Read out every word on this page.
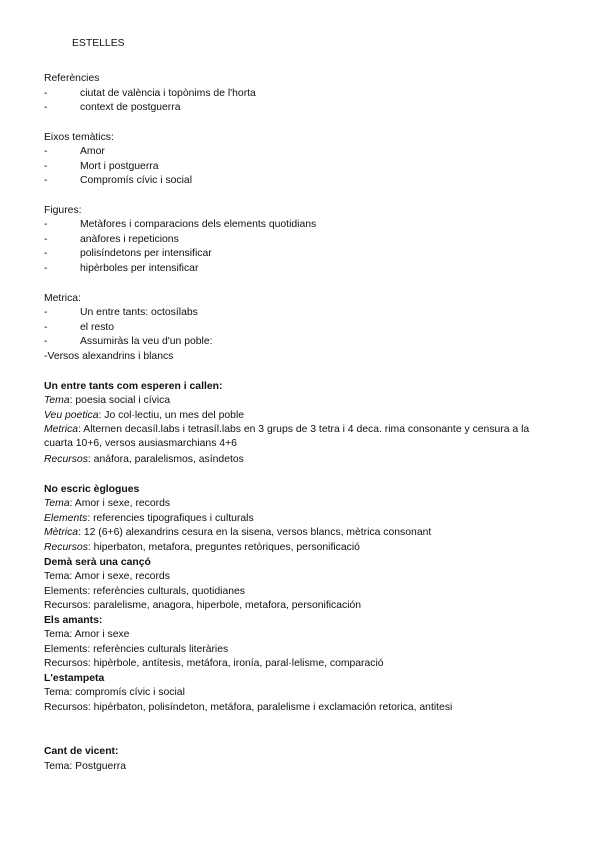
ESTELLES
Referències
-	ciutat de valència i topònims de l'horta
-	context de postguerra
Eixos temàtics:
-	Amor
-	Mort i postguerra
-	Compromís cívic i social
Figures:
-	Metàfores i comparacions dels elements quotidians
-	anàfores i repeticions
-	polisíndetons per intensificar
-	hipèrboles per intensificar
Metrica:
-	Un entre tants: octosílabs
-	el resto
-	Assumiràs la veu d'un poble:
-Versos alexandrins i blancs
Un entre tants com esperen i callen:
Tema: poesia social i cívica
Veu poetica: Jo col·lectiu, un mes del poble
Metrica: Alternen decasíl.labs i tetrasíl.labs en 3 grups de 3 tetra i 4 deca. rima consonante y censura a la cuarta 10+6, versos ausiasmarchians 4+6
Recursos: anáfora, paralelismos, asíndetos
No escric èglogues
Tema: Amor i sexe, records
Elements: referencies tipografiques i culturals
Mètrica: 12 (6+6) alexandrins cesura en la sisena, versos blancs, mètrica consonant
Recursos: hiperbaton, metafora, preguntes retòriques, personificació
Demà serà una cançó
Tema: Amor i sexe, records
Elements: referències culturals, quotidianes
Recursos: paralelisme, anagora, hiperbole, metafora, personificación
Els amants:
Tema: Amor i sexe
Elements: referències culturals literàries
Recursos: hipèrbole, antítesis, metáfora, ironía, paral·lelisme, comparació
L'estampeta
Tema: compromís cívic i social
Recursos: hipérbaton, polisíndeton, metáfora, paralelisme i exclamación retorica, antitesi
Cant de vicent:
Tema: Postguerra
